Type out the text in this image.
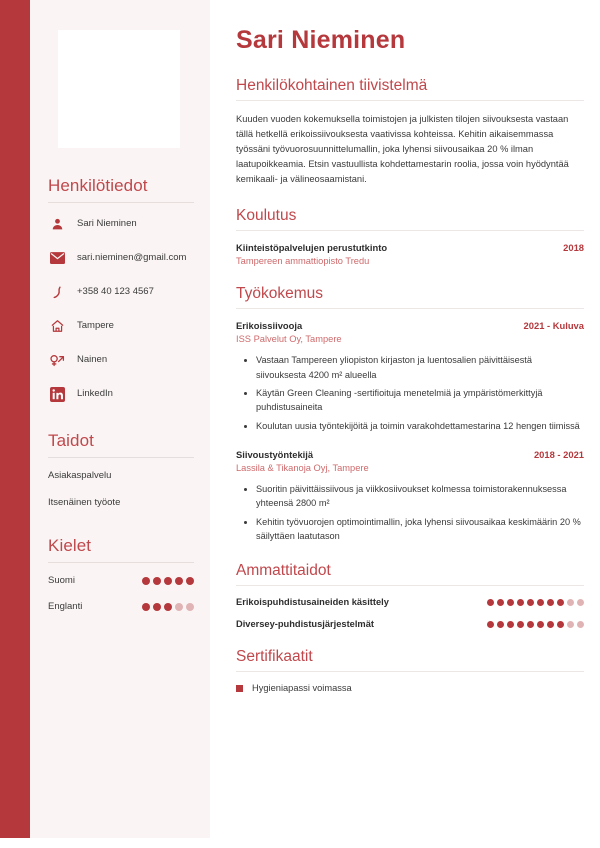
Henkilötiedot
Sari Nieminen
sari.nieminen@gmail.com
+358 40 123 4567
Tampere
Nainen
LinkedIn
Taidot
Asiakaspalvelu
Itsenäinen työote
Kielet
Suomi
Englanti
Sari Nieminen
Henkilökohtainen tiivistelmä

Kuuden vuoden kokemuksella toimistojen ja julkisten tilojen siivouksesta vastaan tällä hetkellä erikoissiivouksesta vaativissa kohteissa. Kehitin aikaisemmassa työssäni työvuorosuunnittelumallin, joka lyhensi siivousaikaa 20 % ilman laatupoikkeamia. Etsin vastuullista kohdettamestarin roolia, jossa voin hyödyntää kemikaali- ja välineosaamistani.

Koulutus
Kiinteistöpalvelujen perustutkinto	2018
Tampereen ammattiopisto Tredu
Työkokemus
Erikoissiivooja	2021 - Kuluva
ISS Palvelut Oy, Tampere
• Vastaan Tampereen yliopiston kirjaston ja luentosalien päivittäisestä siivouksesta 4200 m² alueella
• Käytän Green Cleaning -sertifioituja menetelmiä ja ympäristömerkittyjä puhdistusaineita
• Koulutan uusia työntekijöitä ja toimin varakohdettamestarina 12 hengen tiimissä
Siivoustyöntekijä	2018 - 2021
Lassila & Tikanoja Oyj, Tampere
• Suoritin päivittäissiivous ja viikkosiivoukset kolmessa toimistorakennuksessa yhteensä 2800 m²
• Kehitin työvuorojen optimointimallin, joka lyhensi siivousaikaa keskimäärin 20 % säilyttäen laatutason
Ammattitaidot
Erikoispuhdistusaineiden käsittely
Diversey-puhdistusjärjestelmät
Sertifikaatit
Hygieniapassi voimassa
